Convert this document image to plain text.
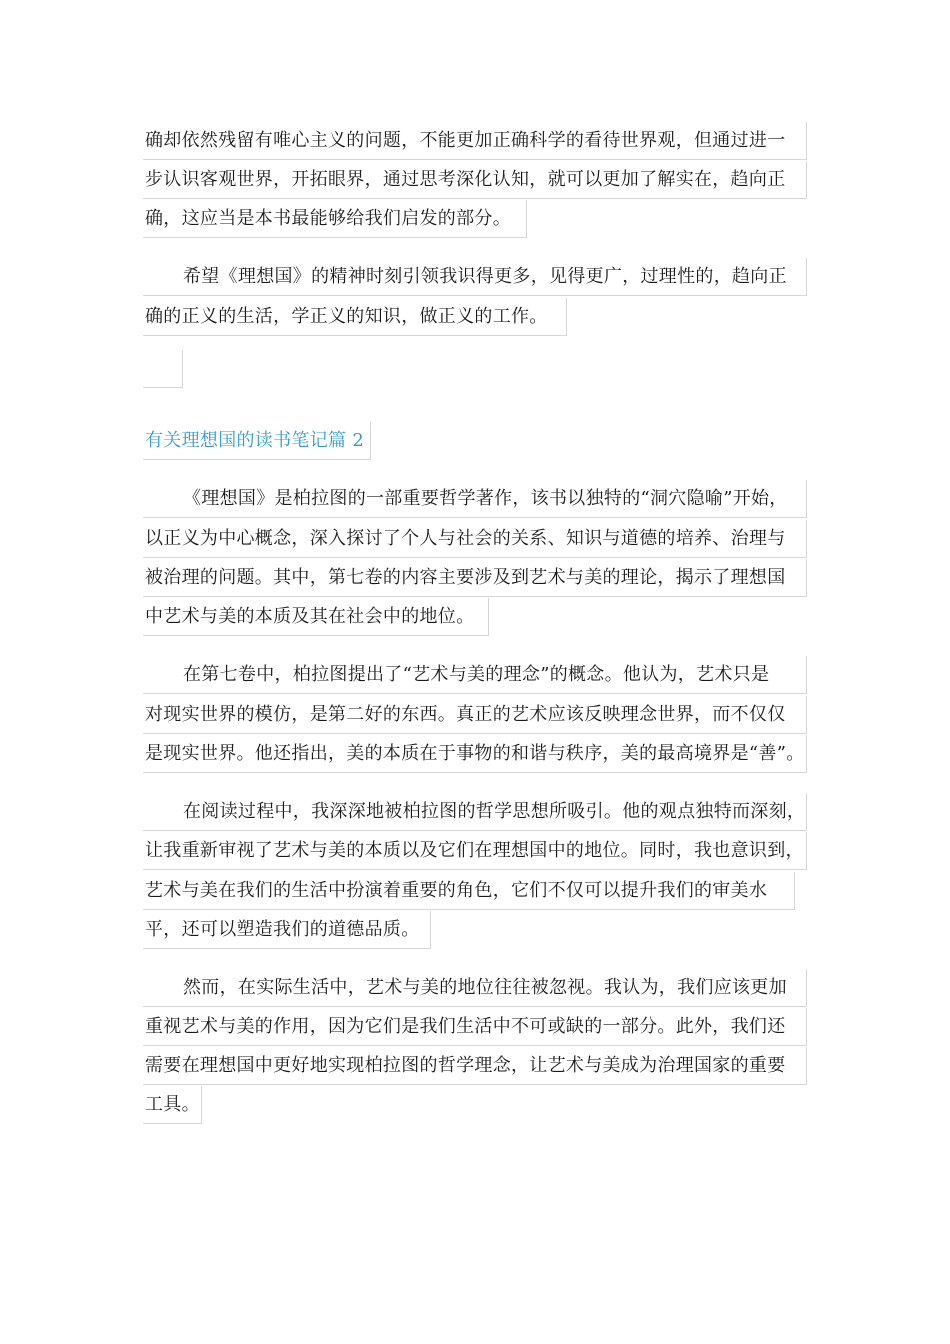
确却依然残留有唯心主义的问题，不能更加正确科学的看待世界观，但通过进一
步认识客观世界，开拓眼界，通过思考深化认知，就可以更加了解实在，趋向正
确，这应当是本书最能够给我们启发的部分。
希望《理想国》的精神时刻引领我识得更多，见得更广，过理性的，趋向正
确的正义的生活，学正义的知识，做正义的工作。
有关理想国的读书笔记篇 2
《理想国》是柏拉图的一部重要哲学著作，该书以独特的“洞穴隐喻”开始，
以正义为中心概念，深入探讨了个人与社会的关系、知识与道德的培养、治理与
被治理的问题。其中，第七卷的内容主要涉及到艺术与美的理论，揭示了理想国
中艺术与美的本质及其在社会中的地位。
在第七卷中，柏拉图提出了“艺术与美的理念”的概念。他认为，艺术只是
对现实世界的模仿，是第二好的东西。真正的艺术应该反映理念世界，而不仅仅
是现实世界。他还指出，美的本质在于事物的和谐与秩序，美的最高境界是“善”。
在阅读过程中，我深深地被柏拉图的哲学思想所吸引。他的观点独特而深刻，
让我重新审视了艺术与美的本质以及它们在理想国中的地位。同时，我也意识到，
艺术与美在我们的生活中扮演着重要的角色，它们不仅可以提升我们的审美水
平，还可以塑造我们的道德品质。
然而，在实际生活中，艺术与美的地位往往被忽视。我认为，我们应该更加
重视艺术与美的作用，因为它们是我们生活中不可或缺的一部分。此外，我们还
需要在理想国中更好地实现柏拉图的哲学理念，让艺术与美成为治理国家的重要
工具。
